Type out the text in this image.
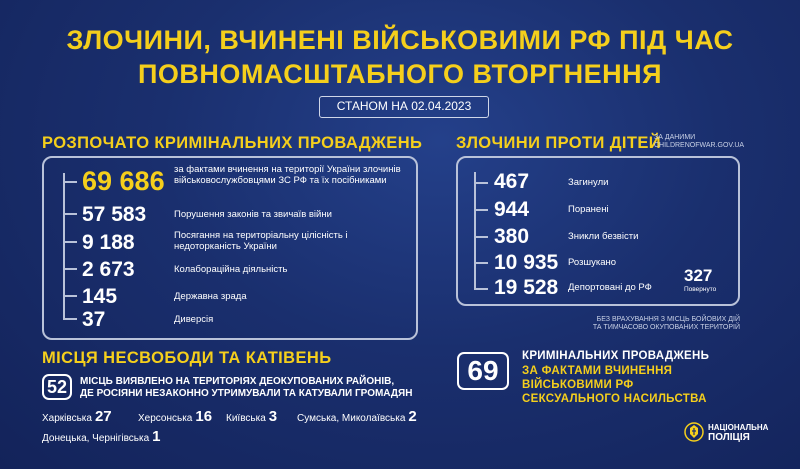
ЗЛОЧИНИ, ВЧИНЕНІ ВІЙСЬКОВИМИ РФ ПІД ЧАС
ПОВНОМАСШТАБНОГО ВТОРГНЕННЯ
СТАНОМ НА 02.04.2023
РОЗПОЧАТО КРИМІНАЛЬНИХ ПРОВАДЖЕНЬ
69 686 за фактами вчинення на території України злочинів військовослужбовцями ЗС РФ та їх посібниками
57 583	Порушення законів та звичаїв війни
9 188	Посягання на територіальну цілісність і недоторканість України
2 673	Колабораційна діяльність
145	Державна зрада
37	Диверсія
ЗЛОЧИНИ ПРОТИ ДІТЕЙ
ЗА ДАНИМИ
CHILDRENOFWAR.GOV.UA
467	Загинули
944	Поранені
380	Зникли безвісти
10 935 Розшукано
19 528 Депортовані до РФ
327
Повернуто
БЕЗ ВРАХУВАННЯ З МІСЦЬ БОЙОВИХ ДІЙ
ТА ТИМЧАСОВО ОКУПОВАНИХ ТЕРИТОРІЙ
МІСЦЯ НЕСВОБОДИ ТА КАТІВЕНЬ
52	МІСЦЬ ВИЯВЛЕНО НА ТЕРИТОРІЯХ ДЕОКУПОВАНИХ РАЙОНІВ,
ДЕ РОСІЯНИ НЕЗАКОННО УТРИМУВАЛИ ТА КАТУВАЛИ ГРОМАДЯН
Харківська 27	Херсонська 16 Київська 3 Сумська, Миколаївська 2
Донецька, Чернігівська 1
69	КРИМІНАЛЬНИХ ПРОВАДЖЕНЬ
ЗА ФАКТАМИ ВЧИНЕННЯ
ВІЙСЬКОВИМИ РФ
СЕКСУАЛЬНОГО НАСИЛЬСТВА
НАЦІОНАЛЬНА
ПОЛІЦІЯ
